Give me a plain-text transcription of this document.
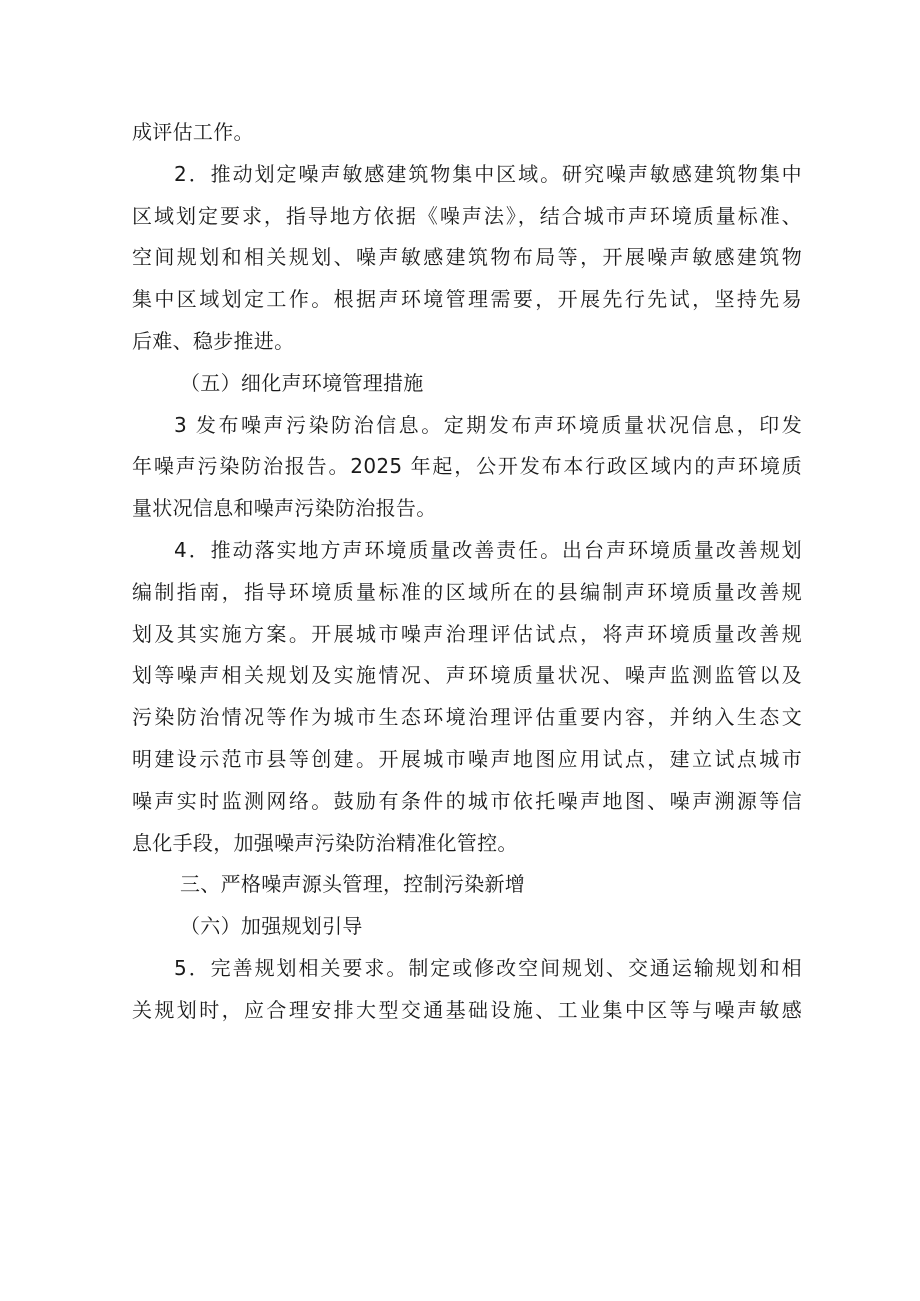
成评估工作。
2．推动划定噪声敏感建筑物集中区域。研究噪声敏感建筑物集中
区域划定要求，指导地方依据《噪声法》，结合城市声环境质量标准、
空间规划和相关规划、噪声敏感建筑物布局等，开展噪声敏感建筑物
集中区域划定工作。根据声环境管理需要，开展先行先试，坚持先易
后难、稳步推进。
（五）细化声环境管理措施
3 发布噪声污染防治信息。定期发布声环境质量状况信息，印发
年噪声污染防治报告。2025 年起，公开发布本行政区域内的声环境质
量状况信息和噪声污染防治报告。
4．推动落实地方声环境质量改善责任。出台声环境质量改善规划
编制指南，指导环境质量标准的区域所在的县编制声环境质量改善规
划及其实施方案。开展城市噪声治理评估试点，将声环境质量改善规
划等噪声相关规划及实施情况、声环境质量状况、噪声监测监管以及
污染防治情况等作为城市生态环境治理评估重要内容，并纳入生态文
明建设示范市县等创建。开展城市噪声地图应用试点，建立试点城市
噪声实时监测网络。鼓励有条件的城市依托噪声地图、噪声溯源等信
息化手段，加强噪声污染防治精准化管控。
三、严格噪声源头管理，控制污染新增
（六）加强规划引导
5．完善规划相关要求。制定或修改空间规划、交通运输规划和相
关规划时，应合理安排大型交通基础设施、工业集中区等与噪声敏感
